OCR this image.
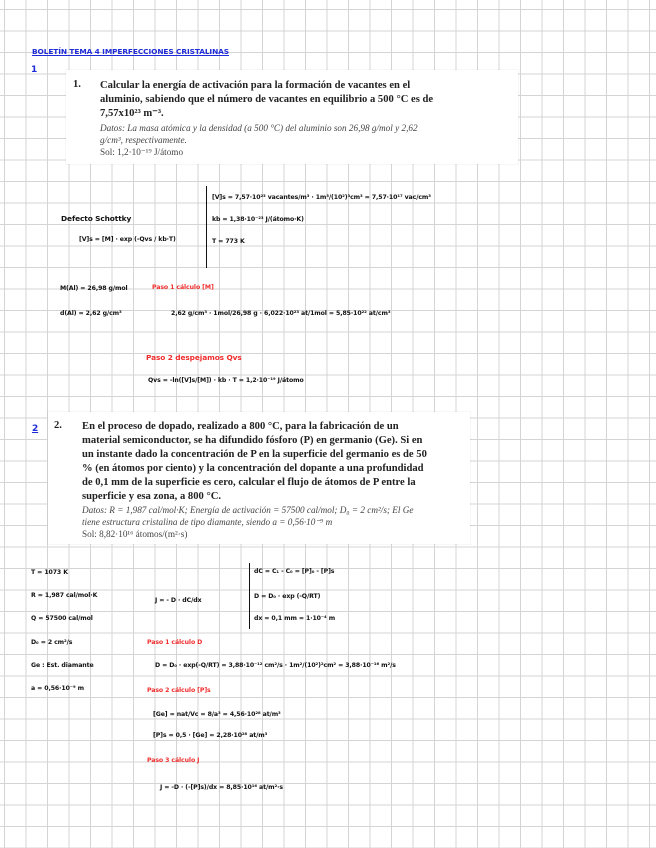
BOLETÍN TEMA 4 IMPERFECCIONES CRISTALINAS
1
1. Calcular la energía de activación para la formación de vacantes en el
aluminio, sabiendo que el número de vacantes en equilibrio a 500 °C es de
7,57x10²³ m⁻³.
Datos: La masa atómica y la densidad (a 500 °C) del aluminio son 26,98 g/mol y 2,62
g/cm³, respectivamente.
Sol: 1,2·10⁻¹⁹ J/átomo
Defecto Schottky
[V]s = [M] · exp (-Qvs / kb·T)
[V]s = 7,57·10²³ vacantes/m³ · 1m³/(10²)³cm³ = 7,57·10¹⁷ vac/cm³
kb = 1,38·10⁻²³ J/(átomo·K)
T = 773 K
M(Al) = 26,98 g/mol
d(Al) = 2,62 g/cm³
Paso 1 cálculo [M]
2,62 g/cm³ · 1mol/26,98 g · 6,022·10²³ at/1mol = 5,85·10²² at/cm³
Paso 2 despejamos Qvs
Qvs = -ln([V]s/[M]) · kb · T = 1,2·10⁻¹⁹ J/átomo
2 2. En el proceso de dopado, realizado a 800 °C, para la fabricación de un
material semiconductor, se ha difundido fósforo (P) en germanio (Ge). Si en
un instante dado la concentración de P en la superficie del germanio es de 50
% (en átomos por ciento) y la concentración del dopante a una profundidad
de 0,1 mm de la superficie es cero, calcular el flujo de átomos de P entre la
superficie y esa zona, a 800 °C.
Datos: R = 1,987 cal/mol·K; Energía de activación = 57500 cal/mol; D₀ = 2 cm²/s; El Ge
tiene estructura cristalina de tipo diamante, siendo a = 0,56·10⁻⁹ m
Sol: 8,82·10¹⁶ átomos/(m²·s)
T = 1073 K
R = 1,987 cal/mol·K
Q = 57500 cal/mol
D₀ = 2 cm²/s
Ge : Est. diamante
a = 0,56·10⁻⁹ m
J = - D · dC/dx
dC = C₁ - C₀ = [P]₀ - [P]s
D = D₀ · exp (-Q/RT)
dx = 0,1 mm = 1·10⁻⁴ m
Paso 1 cálculo D
D = D₀ · exp(-Q/RT) = 3,88·10⁻¹² cm²/s · 1m²/(10²)²cm² = 3,88·10⁻¹⁶ m²/s
Paso 2 cálculo [P]s
[Ge] = nat/Vc = 8/a³ = 4,56·10²⁸ at/m³
[P]s = 0,5 · [Ge] = 2,28·10²⁸ at/m³
Paso 3 cálculo J
J = -D · (-[P]s)/dx = 8,85·10¹⁶ at/m²·s
